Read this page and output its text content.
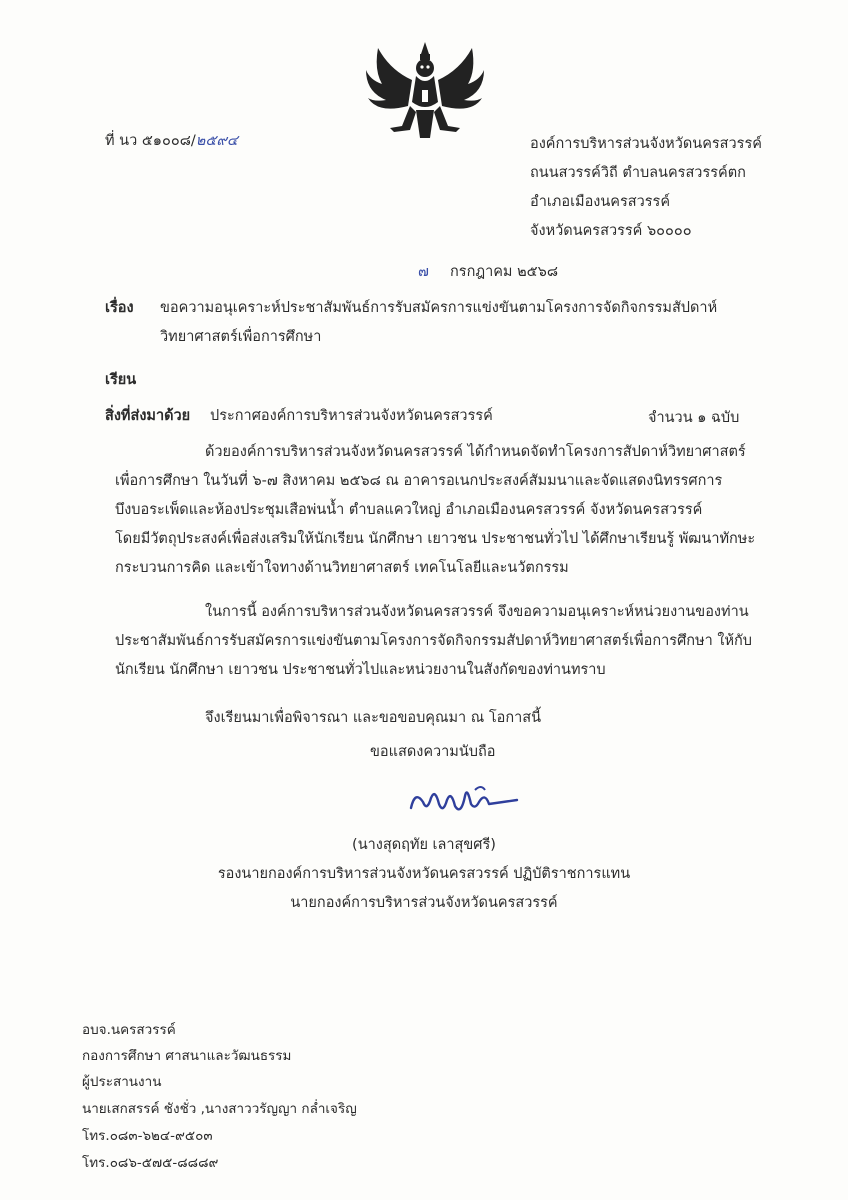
ที่ นว ๕๑๐๐๘/๒๕๙๔	องค์การบริหารส่วนจังหวัดนครสวรรค์
ถนนสวรรค์วิถี ตำบลนครสวรรค์ตก
อำเภอเมืองนครสวรรค์
จังหวัดนครสวรรค์ ๖๐๐๐๐
๗ กรกฎาคม ๒๕๖๘
เรื่อง ขอความอนุเคราะห์ประชาสัมพันธ์การรับสมัครการแข่งขันตามโครงการจัดกิจกรรมสัปดาห์
วิทยาศาสตร์เพื่อการศึกษา
เรียน
สิ่งที่ส่งมาด้วย ประกาศองค์การบริหารส่วนจังหวัดนครสวรรค์	จำนวน ๑ ฉบับ
ด้วยองค์การบริหารส่วนจังหวัดนครสวรรค์ ได้กำหนดจัดทำโครงการสัปดาห์วิทยาศาสตร์
เพื่อการศึกษา ในวันที่ ๖-๗ สิงหาคม ๒๕๖๘ ณ อาคารอเนกประสงค์สัมมนาและจัดแสดงนิทรรศการ
บึงบอระเพ็ดและห้องประชุมเสือพ่นน้ำ ตำบลแควใหญ่ อำเภอเมืองนครสวรรค์ จังหวัดนครสวรรค์
โดยมีวัตถุประสงค์เพื่อส่งเสริมให้นักเรียน นักศึกษา เยาวชน ประชาชนทั่วไป ได้ศึกษาเรียนรู้ พัฒนาทักษะ
กระบวนการคิด และเข้าใจทางด้านวิทยาศาสตร์ เทคโนโลยีและนวัตกรรม
ในการนี้ องค์การบริหารส่วนจังหวัดนครสวรรค์ จึงขอความอนุเคราะห์หน่วยงานของท่าน
ประชาสัมพันธ์การรับสมัครการแข่งขันตามโครงการจัดกิจกรรมสัปดาห์วิทยาศาสตร์เพื่อการศึกษา ให้กับ
นักเรียน นักศึกษา เยาวชน ประชาชนทั่วไปและหน่วยงานในสังกัดของท่านทราบ
จึงเรียนมาเพื่อพิจารณา และขอขอบคุณมา ณ โอกาสนี้
ขอแสดงความนับถือ
(นางสุดฤทัย เลาสุขศรี)
รองนายกองค์การบริหารส่วนจังหวัดนครสวรรค์ ปฏิบัติราชการแทน
นายกองค์การบริหารส่วนจังหวัดนครสวรรค์
อบจ.นครสวรรค์
กองการศึกษา ศาสนาและวัฒนธรรม
ผู้ประสานงาน
นายเสกสรรค์ ชังชั่ว ,นางสาววรัญญา กล่ำเจริญ
โทร.๐๘๓-๖๒๔-๙๕๐๓
โทร.๐๘๖-๕๗๕-๘๘๘๙
